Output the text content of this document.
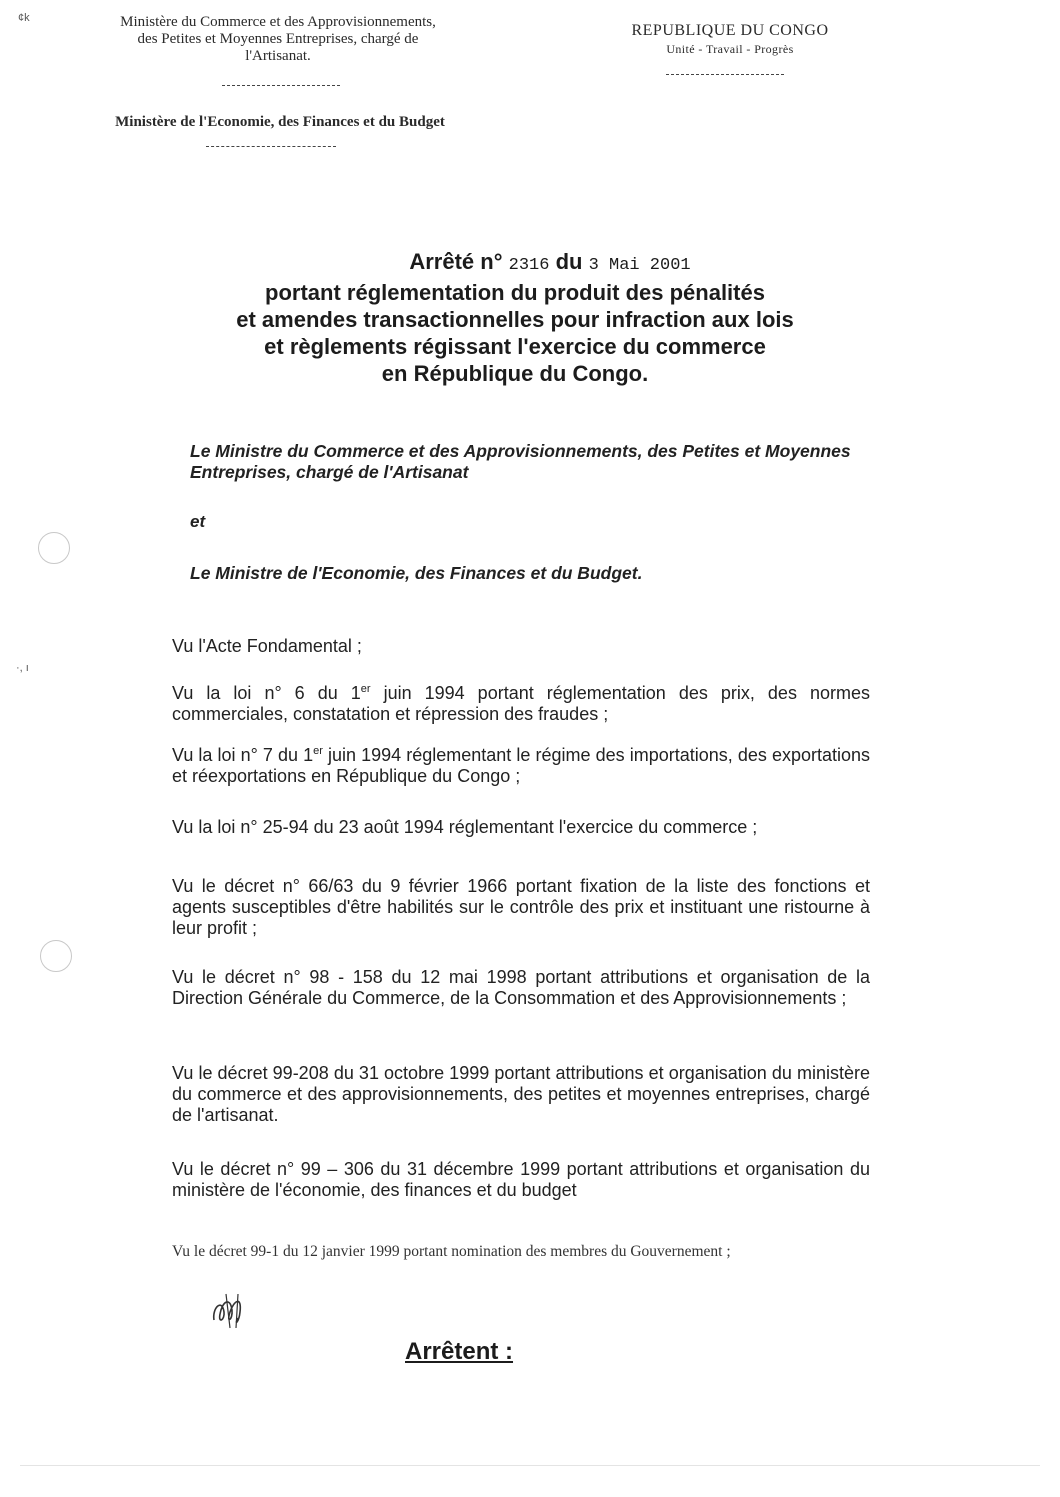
¢k
·, ı
Ministère du Commerce et des Approvisionnements,
des Petites et Moyennes Entreprises, chargé de
l'Artisanat.
REPUBLIQUE DU CONGO
Unité - Travail - Progrès
Ministère de l'Economie, des Finances et du Budget
Arrêté n° 2316 du 3 Mai 2001
portant réglementation du produit des pénalités
et amendes transactionnelles pour infraction aux lois
et règlements régissant l'exercice du commerce
en République du Congo.
Le Ministre du Commerce et des Approvisionnements, des Petites et Moyennes Entreprises, chargé de l'Artisanat
et
Le Ministre de l'Economie, des Finances et du Budget.
Vu l'Acte Fondamental ;
Vu la loi n° 6 du 1er juin 1994 portant réglementation des prix, des normes commerciales, constatation et répression des fraudes ;
Vu la loi n° 7 du 1er juin 1994 réglementant le régime des importations, des exportations et réexportations en République du Congo ;
Vu la loi n° 25-94 du 23 août 1994 réglementant l'exercice du commerce ;
Vu le décret n° 66/63 du 9 février 1966 portant fixation de la liste des fonctions et agents susceptibles d'être habilités sur le contrôle des prix et instituant une ristourne à leur profit ;
Vu le décret n° 98 - 158 du 12 mai 1998 portant attributions et organisation de la Direction Générale du Commerce, de la Consommation et des Approvisionnements ;
Vu le décret 99-208 du 31 octobre 1999 portant attributions et organisation du ministère du commerce et des approvisionnements, des petites et moyennes entreprises, chargé de l'artisanat.
Vu le décret n° 99 – 306 du 31 décembre 1999 portant attributions et organisation du ministère de l'économie, des finances et du budget
Vu le décret 99-1 du 12 janvier 1999 portant nomination des membres du Gouvernement ;
Arrêtent :
